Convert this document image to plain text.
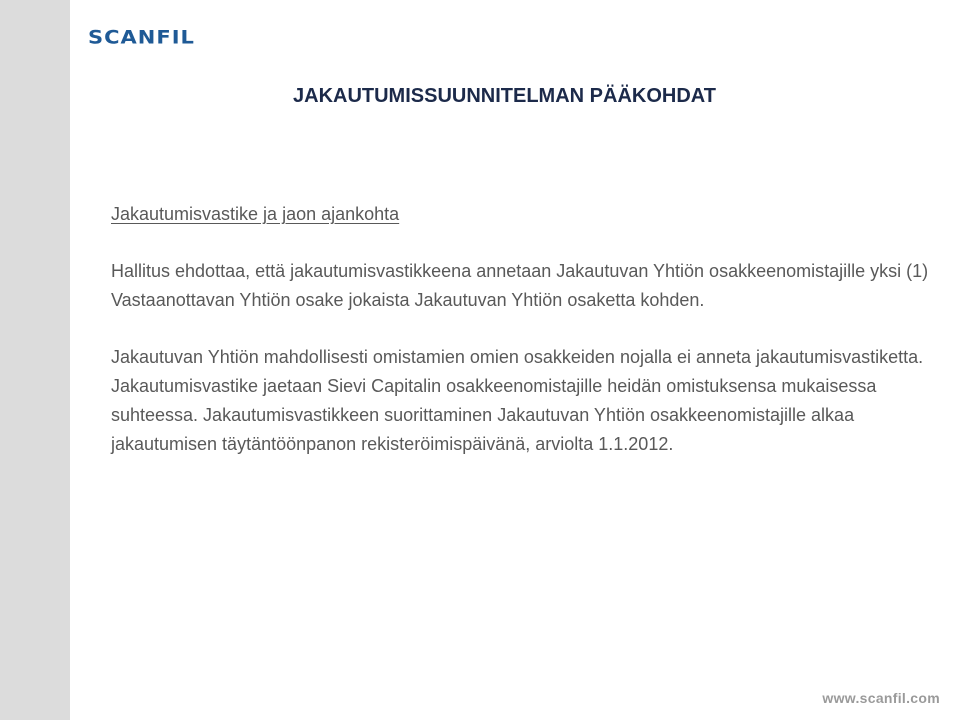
SCANFIL
JAKAUTUMISSUUNNITELMAN PÄÄKOHDAT
Jakautumisvastike ja jaon ajankohta

Hallitus ehdottaa, että jakautumisvastikkeena annetaan Jakautuvan Yhtiön osakkeenomistajille yksi (1) Vastaanottavan Yhtiön osake jokaista Jakautuvan Yhtiön osaketta kohden.

Jakautuvan Yhtiön mahdollisesti omistamien omien osakkeiden nojalla ei anneta jakautumisvastiketta. Jakautumisvastike jaetaan Sievi Capitalin osakkeenomistajille heidän omistuksensa mukaisessa suhteessa. Jakautumisvastikkeen suorittaminen Jakautuvan Yhtiön osakkeenomistajille alkaa jakautumisen täytäntöönpanon rekisteröimispäivänä, arviolta 1.1.2012.

www.scanfil.com
